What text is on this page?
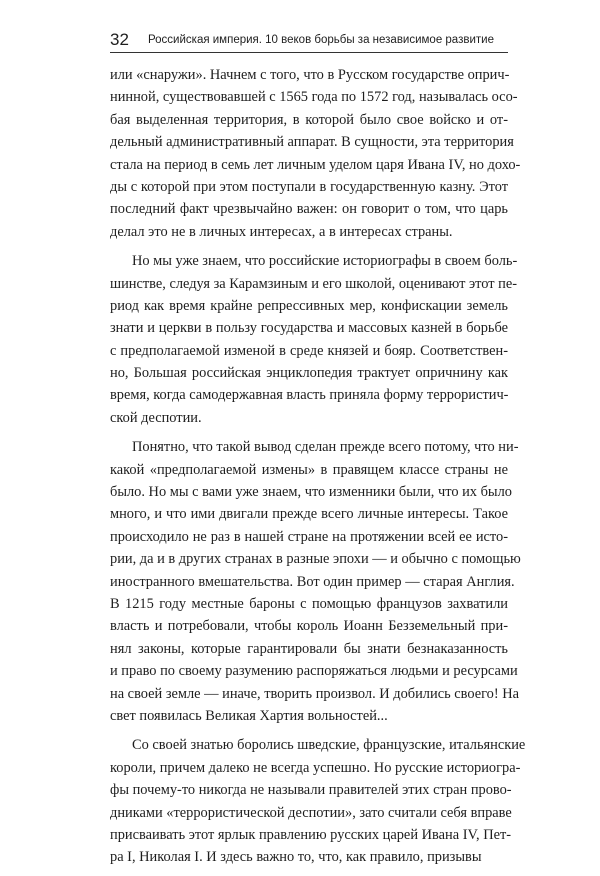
32 Российская империя. 10 веков борьбы за независимое развитие

или «снаружи». Начнем с того, что в Русском государстве оприч-
нинной, существовавшей с 1565 года по 1572 год, называлась осо-
бая выделенная территория, в которой было свое войско и от-
дельный административный аппарат. В сущности, эта территория
стала на период в семь лет личным уделом царя Ивана IV, но дохо-
ды с которой при этом поступали в государственную казну. Этот
последний факт чрезвычайно важен: он говорит о том, что царь
делал это не в личных интересах, а в интересах страны.

Но мы уже знаем, что российские историографы в своем боль-
шинстве, следуя за Карамзиным и его школой, оценивают этот пе-
риод как время крайне репрессивных мер, конфискации земель
знати и церкви в пользу государства и массовых казней в борьбе
с предполагаемой изменой в среде князей и бояр. Соответствен-
но, Большая российская энциклопедия трактует опричнину как
время, когда самодержавная власть приняла форму террористич-
ской деспотии.

Понятно, что такой вывод сделан прежде всего потому, что ни-
какой «предполагаемой измены» в правящем классе страны не
было. Но мы с вами уже знаем, что изменники были, что их было
много, и что ими двигали прежде всего личные интересы. Такое
происходило не раз в нашей стране на протяжении всей ее исто-
рии, да и в других странах в разные эпохи — и обычно с помощью
иностранного вмешательства. Вот один пример — старая Англия.
В 1215 году местные бароны с помощью французов захватили
власть и потребовали, чтобы король Иоанн Безземельный при-
нял законы, которые гарантировали бы знати безнаказанность
и право по своему разумению распоряжаться людьми и ресурсами
на своей земле — иначе, творить произвол. И добились своего! На
свет появилась Великая Хартия вольностей...

Со своей знатью боролись шведские, французские, итальянские
короли, причем далеко не всегда успешно. Но русские историогра-
фы почему-то никогда не называли правителей этих стран прово-
дниками «террористической деспотии», зато считали себя вправе
присваивать этот ярлык правлению русских царей Ивана IV, Пет-
ра I, Николая I. И здесь важно то, что, как правило, призывы
